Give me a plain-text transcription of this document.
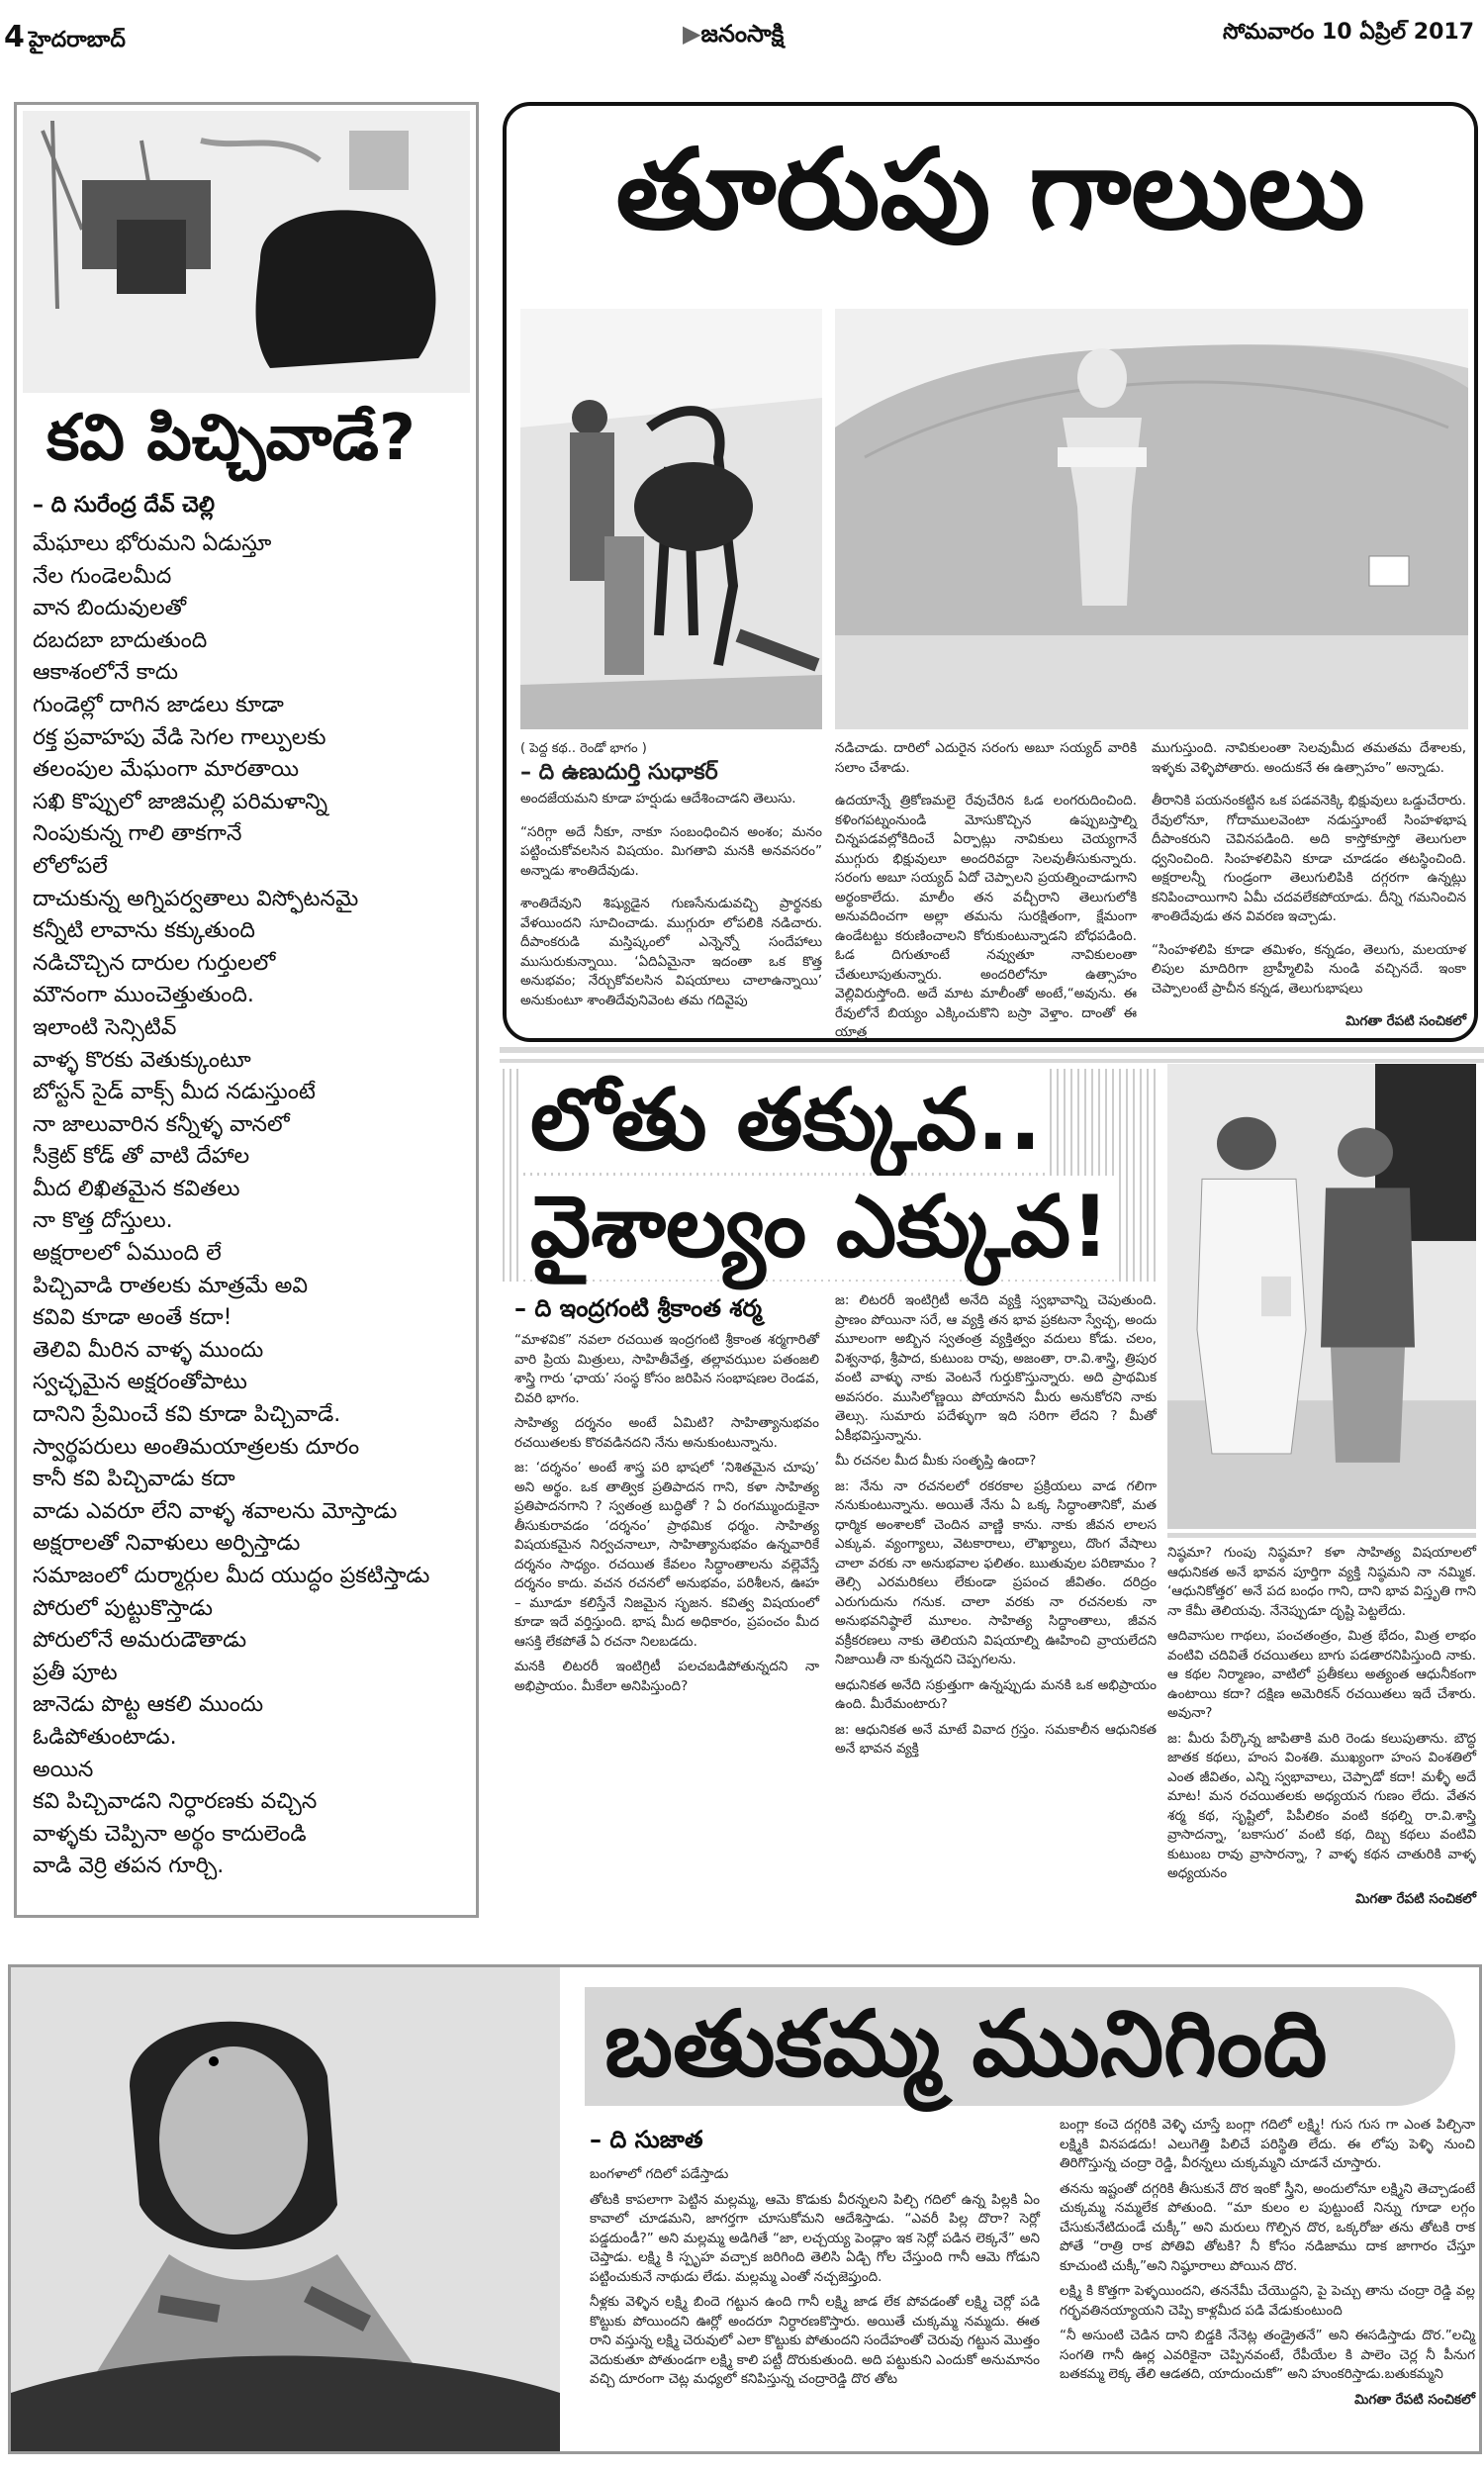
4 హైదరాబాద్	▶జనంసాక్షి	సోమవారం 10 ఏప్రిల్ 2017
కవి పిచ్చివాడే?
– ది సురేంద్ర దేవ్ చెల్లి
మేఘాలు భోరుమని ఏడుస్తూ
నేల గుండెలమీద
వాన బిందువులతో
దబదబా బాదుతుంది
ఆకాశంలోనే కాదు
గుండెల్లో దాగిన జాడలు కూడా
రక్త ప్రవాహపు వేడి సెగల గాల్పులకు
తలంపుల మేఘంగా మారతాయి
సఖి కొప్పులో జాజిమల్లి పరిమళాన్ని
నింపుకున్న గాలి తాకగానే
లోలోపలే
దాచుకున్న అగ్నిపర్వతాలు విస్ఫోటనమై
కన్నీటి లావాను కక్కుతుంది
నడిచొచ్చిన దారుల గుర్తులలో
మౌనంగా ముంచెత్తుతుంది.
ఇలాంటి సెన్సిటివ్
వాళ్ళ కొరకు వెతుక్కుంటూ
బోస్టన్ సైడ్ వాక్స్ మీద నడుస్తుంటే
నా జాలువారిన కన్నీళ్ళ వానలో
సీక్రెట్ కోడ్ తో వాటి దేహాల
మీద లిఖితమైన కవితలు
నా కొత్త దోస్తులు.
అక్షరాలలో ఏముంది లే
పిచ్చివాడి రాతలకు మాత్రమే అవి
కవివి కూడా అంతే కదా!
తెలివి మీరిన వాళ్ళ ముందు
స్వచ్ఛమైన అక్షరంతోపాటు
దానిని ప్రేమించే కవి కూడా పిచ్చివాడే.
స్వార్థపరులు అంతిమయాత్రలకు దూరం
కానీ కవి పిచ్చివాడు కదా
వాడు ఎవరూ లేని వాళ్ళ శవాలను మోస్తాడు
అక్షరాలతో నివాళులు అర్పిస్తాడు
సమాజంలో దుర్మార్గుల మీద యుద్ధం ప్రకటిస్తాడు
పోరులో పుట్టుకొస్తాడు
పోరులోనే అమరుడౌతాడు
ప్రతీ పూట
జానెడు పొట్ట ఆకలి ముందు
ఓడిపోతుంటాడు.
అయిన
కవి పిచ్చివాడని నిర్ధారణకు వచ్చిన
వాళ్ళకు చెప్పినా అర్థం కాదులెండి
వాడి వెర్రి తపన గూర్చి.
తూరుపు గాలులు
( పెద్ద కథ.. రెండో భాగం )
– ది ఉణుదుర్తి సుధాకర్

అందజేయమని కూడా హర్షుడు ఆదేశించాడని తెలుసు.

“సరిగ్గా అదే నీకూ, నాకూ సంబంధించిన అంశం; మనం పట్టించుకోవలసిన విషయం. మిగతావి మనకి అనవసరం” అన్నాడు శాంతిదేవుడు.

శాంతిదేవుని శిష్యుడైన గుణసేనుడువచ్చి ప్రార్థనకు వేళయిందని సూచించాడు. ముగ్గురూ లోపలికి నడిచారు. దీపాంకరుడి మస్తిష్కంలో ఎన్నెన్నో సందేహాలు ముసురుకున్నాయి. ‘ఏదిఏమైనా ఇదంతా ఒక కొత్త అనుభవం; నేర్చుకోవలసిన విషయాలు చాలాఉన్నాయి’ అనుకుంటూ శాంతిదేవునివెంట తమ గదివైపు

నడిచాడు. దారిలో ఎదురైన సరంగు అబూ సయ్యద్ వారికి సలాం చేశాడు.

ఉదయాన్నే త్రికోణమలై రేవుచేరిన ఓడ లంగరుదించింది. కళింగపట్నంనుండి మోసుకొచ్చిన ఉప్పుబస్తాల్ని చిన్నపడవల్లోకిదించే ఏర్పాట్లు నావికులు చెయ్యగానే ముగ్గురు భిక్షువులూ అందరివద్దా సెలవుతీసుకున్నారు. సరంగు అబూ సయ్యద్ ఏదో చెప్పాలని ప్రయత్నించాడుగాని అర్థంకాలేదు. మాలీం తన వచ్చీరాని తెలుగులోకి అనువదించగా అల్లా తమను సురక్షితంగా, క్షేమంగా ఉండేటట్టు కరుణించాలని కోరుకుంటున్నాడని బోధపడింది. ఓడ దిగుతూంటే నవ్వుతూ నావికులంతా చేతులూపుతున్నారు. అందరిలోనూ ఉత్సాహం వెల్లివిరుస్తోంది. అదే మాట మాలీంతో అంటే,“అవును. ఈ రేవులోనే బియ్యం ఎక్కించుకొని బస్రా వెళ్తాం. దాంతో ఈ యాత్ర

ముగుస్తుంది. నావికులంతా సెలవుమీద తమతమ దేశాలకు, ఇళ్ళకు వెళ్ళిపోతారు. అందుకనే ఈ ఉత్సాహం” అన్నాడు.

తీరానికి పయనంకట్టిన ఒక పడవనెక్కి భిక్షువులు ఒడ్డుచేరారు. రేవులోనూ, గోదాములవెంటా నడుస్తూంటే సింహళభాష దీపాంకరుని చెవినపడింది. అది కాస్తోకూస్తో తెలుగులా ధ్వనించింది. సింహళలిపిని కూడా చూడడం తటస్థించింది. అక్షరాలన్నీ గుండ్రంగా తెలుగులిపికి దగ్గరగా ఉన్నట్లు కనిపించాయిగాని ఏమీ చదవలేకపోయాడు. దీన్ని గమనించిన శాంతిదేవుడు తన వివరణ ఇచ్చాడు.

“సింహళలిపి కూడా తమిళం, కన్నడం, తెలుగు, మలయాళ లిపుల మాదిరిగా బ్రాహ్మీలిపి నుండి వచ్చినదే. ఇంకా చెప్పాలంటే ప్రాచీన కన్నడ, తెలుగుభాషలు

మిగతా రేపటి సంచికలో
లోతు తక్కువ..
వైశాల్యం ఎక్కువ!
– ది ఇంద్రగంటి శ్రీకాంత శర్మ

“మాళవిక” నవలా రచయిత ఇంద్రగంటి శ్రీకాంత శర్మగారితో వారి ప్రియ మిత్రులు, సాహితీవేత్త, తల్లావఝుల పతంజలి శాస్త్రి గారు ‘ఛాయ’ సంస్థ కోసం జరిపిన సంభాషణల రెండవ, చివరి భాగం.

సాహిత్య దర్శనం అంటే ఏమిటి? సాహిత్యానుభవం రచయితలకు కొరవడినదని నేను అనుకుంటున్నాను.

జ: ‘దర్శనం’ అంటే శాస్త్ర పరి భాషలో ‘నిశితమైన చూపు’ అని అర్థం. ఒక తాత్విక ప్రతిపాదన గాని, కళా సాహిత్య ప్రతిపాదనగాని ? స్వతంత్ర బుద్ధితో ? ఏ రంగమ్ముందుకైనా తీసుకురావడం ‘దర్శనం’ ప్రాథమిక ధర్మం. సాహిత్య విషయకమైన నిర్వచనాలూ, సాహిత్యానుభవం ఉన్నవారికే దర్శనం సాధ్యం. రచయిత కేవలం సిద్ధాంతాలను వల్లెవేస్తే దర్శనం కాదు. వచన రచనలో అనుభవం, పరిశీలన, ఊహ – మూడూ కలిస్తేనే నిజమైన సృజన. కవిత్వ విషయంలో కూడా ఇదే వర్తిస్తుంది. భాష మీద అధికారం, ప్రపంచం మీద ఆసక్తి లేకపోతే ఏ రచనా నిలబడదు.

మనకి లిటరరీ ఇంటిగ్రిటీ పలచబడిపోతున్నదని నా అభిప్రాయం. మీకేలా అనిపిస్తుంది?

జ: లిటరరీ ఇంటిగ్రిటీ అనేది వ్యక్తి స్వభావాన్ని చెపుతుంది. ప్రాణం పోయినా సరే, ఆ వ్యక్తి తన భావ ప్రకటనా స్వేచ్ఛ, అందు మూలంగా అబ్బిన స్వతంత్ర వ్యక్తిత్వం వదులు కోడు. చలం, విశ్వనాథ, శ్రీపాద, కుటుంబ రావు, అజంతా, రా.వి.శాస్త్రి, త్రిపుర వంటి వాళ్ళు నాకు వెంటనే గుర్తుకొస్తున్నారు. అది ప్రాథమిక అవసరం. ముసిలోణ్ణయి పోయానని మీరు అనుకోరని నాకు తెల్సు. సుమారు పదేళ్ళుగా ఇది సరిగా లేదని ? మీతో ఏకీభవిస్తున్నాను.

మీ రచనల మీద మీకు సంతృప్తి ఉందా?

జ: నేను నా రచనలలో రకరకాల ప్రక్రియలు వాడ గలిగా ననుకుంటున్నాను. అయితే నేను ఏ ఒక్క సిద్ధాంతానికో, మత ధార్మిక అంశాలకో చెందిన వాణ్ణి కాను. నాకు జీవన లాలస ఎక్కువ. వ్యంగ్యాలు, వెటకారాలు, లౌఖ్యాలు, దొంగ వేషాలు చాలా వరకు నా అనుభవాల ఫలితం. ఋతువుల పరిణామం ? తెల్సి ఎరమరికలు లేకుండా ప్రపంచ జీవితం. దరిద్రం ఎరుగుదును గనుక. చాలా వరకు నా రచనలకు నా అనుభవనిష్ఠాలే మూలం. సాహిత్య సిద్ధాంతాలు, జీవన వక్రీకరణలు నాకు తెలియని విషయాల్ని ఊహించి వ్రాయలేదని నిజాయితీ నా కున్నదని చెప్పగలను.

ఆధునికత అనేది సక్రుత్తుగా ఉన్నప్పుడు మనకి ఒక అభిప్రాయం ఉంది. మీరేమంటారు?

జ: ఆధునికత అనే మాటే వివాద గ్రస్తం. సమకాలీన ఆధునికత అనే భావన వ్యక్తి

నిష్ఠమా? గుంపు నిష్ఠమా? కళా సాహిత్య విషయాలలో ఆధునికత అనే భావన పూర్తిగా వ్యక్తి నిష్ఠమని నా నమ్మిక. ‘ఆధునికోత్తర’ అనే పద బంధం గాని, దాని భావ విస్తృతి గాని నా కేమీ తెలియవు. నేనెప్పుడూ దృష్టి పెట్టలేదు.

ఆదివాసుల గాథలు, పంచతంత్రం, మిత్ర భేదం, మిత్ర లాభం వంటివి చదివితే రచయితలు బాగు పడతారనిపిస్తుంది నాకు. ఆ కథల నిర్మాణం, వాటిలో ప్రతీకలు అత్యంత ఆధునీకంగా ఉంటాయి కదా? దక్షిణ అమెరికన్ రచయితలు ఇదే చేశారు. అవునా?

జ: మీరు పేర్కొన్న జాపితాకి మరి రెండు కలుపుతాను. బౌద్ధ జాతక కథలు, హంస వింశతి. ముఖ్యంగా హంస వింశతిలో ఎంత జీవితం, ఎన్ని స్వభావాలు, చెప్పాడో కదా! మళ్ళీ అదే మాట! మన రచయితలకు అధ్యయన గుణం లేదు. వేతన శర్మ కథ, సృష్టిలో, పిపీలికం వంటి కథల్ని రా.వి.శాస్త్రి వ్రాసాదన్నా, ‘బకాసుర’ వంటి కథ, దిబ్బ కథలు వంటివి కుటుంబ రావు వ్రాసారన్నా, ? వాళ్ళ కథన చాతురికి వాళ్ళ అధ్యయనం

మిగతా రేపటి సంచికలో
బతుకమ్మ మునిగింది
– ది సుజాత

బంగళాలో గదిలో పడేస్తాడు

తోటకి కాపలాగా పెట్టిన మల్లమ్మ, ఆమె కొడుకు వీరన్నలని పిల్చి గదిలో ఉన్న పిల్లకి ఏం కావాలో చూడమని, జాగర్తగా చూసుకోమని ఆదేశిస్తాడు. “ఎవరీ పిల్ల దొరా? సెర్లో పడ్డదుండీ?” అని మల్లమ్మ అడిగితే “జా, లచ్చయ్య పెండ్లాం ఇక సెర్లో పడిన లెక్కనే” అని చెప్తాడు. లక్ష్మి కి స్పృహ వచ్చాక జరిగింది తెలిసి ఏడ్చి గోల చేస్తుంది గానీ ఆమె గోడుని పట్టించుకునే నాథుడు లేడు. మల్లమ్మ ఎంతో నచ్చజెప్తుంది.

నీళ్లకు వెళ్ళిన లక్ష్మి బిందె గట్టున ఉంది గానీ లక్ష్మి జాడ లేక పోవడంతో లక్ష్మి చెర్లో పడి కొట్టుకు పోయిందని ఊర్లో అందరూ నిర్ధారణకొస్తారు. అయితే చుక్కమ్మ నమ్మదు. ఈత రాని వస్తున్న లక్ష్మి చెరువులో ఎలా కొట్టుకు పోతుందని సందేహంతో చెరువు గట్టున మొత్తం వెదుకుతూ పోతుండగా లక్ష్మి కాలి పట్టీ దొరుకుతుంది. అది పట్టుకుని ఎందుకో అనుమానం వచ్చి దూరంగా చెట్ల మధ్యలో కనిపిస్తున్న చంద్రారెడ్డి దొర తోట

బంగ్లా కంచె దగ్గరికి వెళ్ళి చూస్తే బంగ్లా గదిలో లక్ష్మి! గుస గుస గా ఎంత పిల్చినా లక్ష్మికి వినపడదు! ఎలుగెత్తి పిలిచే పరిస్థితి లేదు. ఈ లోపు పెళ్ళి నుంచి తిరిగొస్తున్న చంద్రా రెడ్డి, వీరన్నలు చుక్కమ్మని చూడనే చూస్తారు.

తనను ఇష్టంతో దగ్గరికి తీసుకునే దొర ఇంకో స్త్రీని, అందులోనూ లక్ష్మిని తెచ్చాడంటే చుక్కమ్మ నమ్మలేక పోతుంది. “మా కులం ల పుట్టుంటే నిన్ను గూడా లగ్గం చేసుకునేటిదుండే చుక్కీ” అని మరులు గొల్పిన దొర, ఒక్కరోజు తను తోటకి రాక పోతే “రాత్రి రాక పోతివి తోటకి? నీ కోసం నడిజాము దాక జాగారం చేస్తూ కూచుంటి చుక్కీ”అని నిష్ఠూరాలు పోయిన దొర.

లక్ష్మి కి కొత్తగా పెళ్ళయిందని, తననేమీ చేయొద్దని, పై పెచ్చు తాను చంద్రా రెడ్డి వల్ల గర్భవతినయ్యాయని చెప్పి కాళ్లమీద పడి వేడుకుంటుంది

“నీ అసుంటి చెడిన దాని బిడ్డకి నేనెట్ల తండ్రైతనే” అని ఈసడిస్తాడు దొర.”లచ్మి సంగతి గానీ ఊర్ల ఎవరికైనా చెప్పినవంటే, రేపీయేల కి పాలెం చెర్ల నీ పీనుగ బతకమ్మ లెక్క తేలి ఆడతది, యాదుంచుకో” అని హుంకరిస్తాడు.బతుకమ్మని

మిగతా రేపటి సంచికలో
